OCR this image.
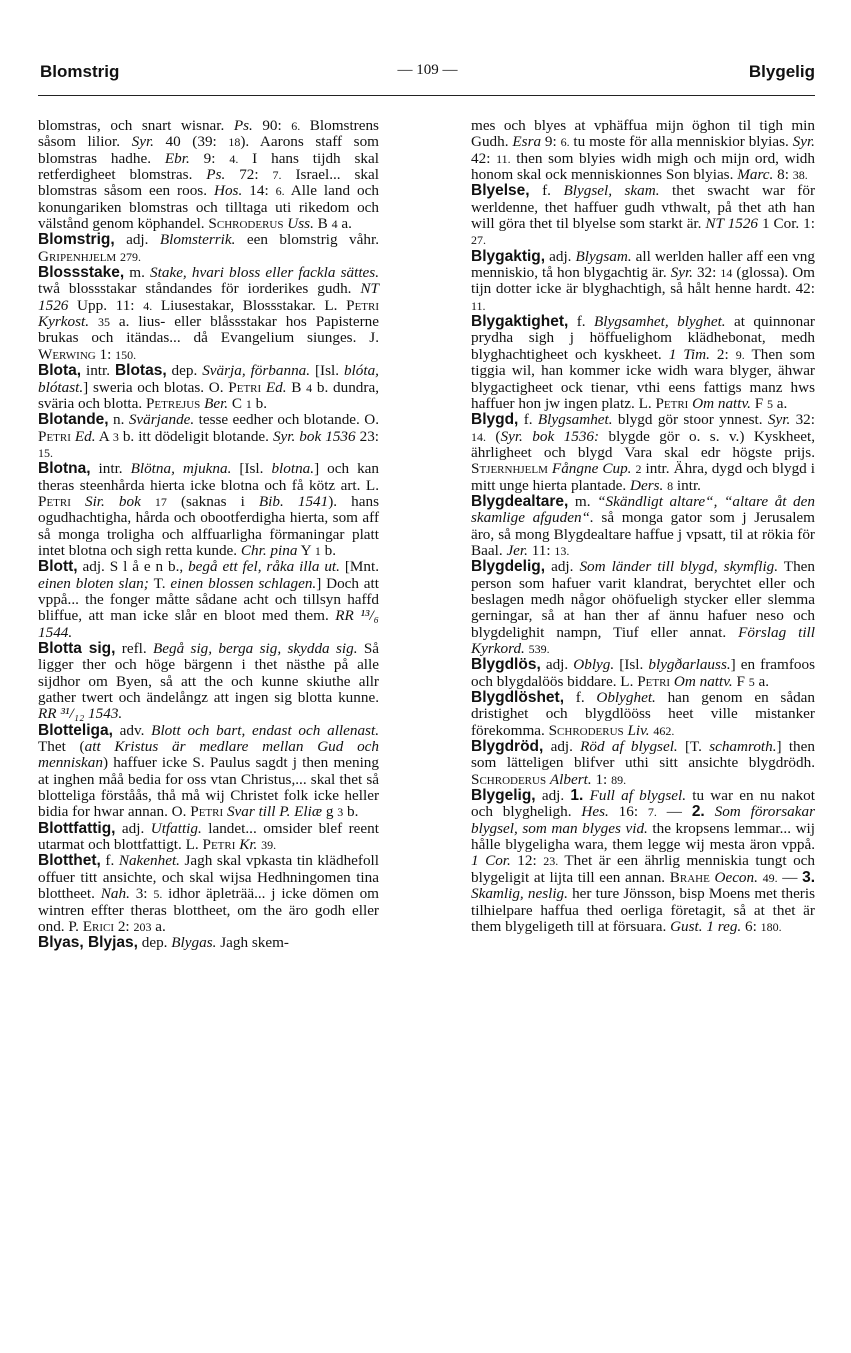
Blomstrig	— 109 —	Blygelig

blomstras, och snart wisnar. Ps. 90: 6. Blomstrens såsom lilior. Syr. 40 (39: 18). Aarons staff som blomstras hadhe. Ebr. 9: 4. I hans tijdh skal retferdigheet blomstras. Ps. 72: 7. Israel... skal blomstras såsom een roos. Hos. 14: 6. Alle land och konungariken blomstras och tilltaga uti rikedom och välstånd genom köphandel. Schroderus Uss. B 4 a.

Blomstrig, adj. Blomsterrik. een blomstrig våhr. Gripenhjelm 279.

Blossstake, m. Stake, hvari bloss eller fackla sättes. twå blossstakar ståndandes för iorderikes gudh. NT 1526 Upp. 11: 4. Liusestakar, Blossstakar. L. Petri Kyrkost. 35 a. lius- eller blåssstakar hos Papisterne brukas och itändas... då Evangelium siunges. J. Werwing 1: 150.

Blota, intr. Blotas, dep. Svärja, förbanna. [Isl. blóta, blótast.] sweria och blotas. O. Petri Ed. B 4 b. dundra, sväria och blotta. Petrejus Ber. C 1 b.

Blotande, n. Svärjande. tesse eedher och blotande. O. Petri Ed. A 3 b. itt dödeligit blotande. Syr. bok 1536 23: 15.

Blotna, intr. Blötna, mjukna. [Isl. blotna.] och kan theras steenhårda hierta icke blotna och få kötz art. L. Petri Sir. bok 17 (saknas i Bib. 1541). hans ogudhachtigha, hårda och obootferdigha hierta, som aff så monga troligha och alffuarligha förmaningar platt intet blotna och sigh retta kunde. Chr. pina Y 1 b.

Blott, adj. S l å e n b., begå ett fel, råka illa ut. [Mnt. einen bloten slan; T. einen blossen schlagen.] Doch att vppå... the fonger måtte sådane acht och tillsyn haffd bliffue, att man icke slår en bloot med them. RR ¹³/₆ 1544.

Blotta sig, refl. Begå sig, berga sig, skydda sig. Så ligger ther och höge bärgenn i thet nästhe på alle sijdhor om Byen, så att the och kunne skiuthe allr gather twert och ändelångz att ingen sig blotta kunne. RR ³¹/₁₂ 1543.

Blotteliga, adv. Blott och bart, endast och allenast. Thet (att Kristus är medlare mellan Gud och menniskan) haffuer icke S. Paulus sagdt j then mening at inghen måå bedia for oss vtan Christus,... skal thet så blotteliga förståås, thå må wij Christet folk icke heller bidia for hwar annan. O. Petri Svar till P. Eliæ g 3 b.

Blottfattig, adj. Utfattig. landet... omsider blef reent utarmat och blottfattigt. L. Petri Kr. 39.

Blotthet, f. Nakenhet. Jagh skal vpkasta tin klädhefoll offuer titt ansichte, och skal wijsa Hedhningomen tina blottheet. Nah. 3: 5. idhor äpleträä... j icke dömen om wintren effter theras blottheet, om the äro godh eller ond. P. Erici 2: 203 a.

Blyas, Blyjas, dep. Blygas. Jagh skem-

mes och blyes at vphäffua mijn öghon til tigh min Gudh. Esra 9: 6. tu moste för alla menniskior blyias. Syr. 42: 11. then som blyies widh migh och mijn ord, widh honom skal ock menniskionnes Son blyias. Marc. 8: 38.

Blyelse, f. Blygsel, skam. thet swacht war för werldenne, thet haffuer gudh vthwalt, på thet ath han will göra thet til blyelse som starkt är. NT 1526 1 Cor. 1: 27.

Blygaktig, adj. Blygsam. all werlden haller aff een vng menniskio, tå hon blygachtig är. Syr. 32: 14 (glossa). Om tijn dotter icke är blyghachtigh, så hålt henne hardt. 42: 11.

Blygaktighet, f. Blygsamhet, blyghet. at quinnonar prydha sigh j höffuelighom klädhebonat, medh blyghachtigheet och kyskheet. 1 Tim. 2: 9. Then som tiggia wil, han kommer icke widh wara blyger, ähwar blygactigheet ock tienar, vthi eens fattigs manz hws haffuer hon jw ingen platz. L. Petri Om nattv. F 5 a.

Blygd, f. Blygsamhet. blygd gör stoor ynnest. Syr. 32: 14. (Syr. bok 1536: blygde gör o. s. v.) Kyskheet, ährligheet och blygd Vara skal edr högste prijs. Stjernhjelm Fångne Cup. 2 intr. Ähra, dygd och blygd i mitt unge hierta plantade. Ders. 8 intr.

Blygdealtare, m. “Skändligt altare“, “altare åt den skamlige afguden“. så monga gator som j Jerusalem äro, så mong Blygdealtare haffue j vpsatt, til at rökia för Baal. Jer. 11: 13.

Blygdelig, adj. Som länder till blygd, skymflig. Then person som hafuer varit klandrat, berychtet eller och beslagen medh någor ohöfueligh stycker eller slemma gerningar, så at han ther af ännu hafuer neso och blygdelighit nampn, Tiuf eller annat. Förslag till Kyrkord. 539.

Blygdlös, adj. Oblyg. [Isl. blygðarlauss.] en framfoos och blygdalöös biddare. L. Petri Om nattv. F 5 a.

Blygdlöshet, f. Oblyghet. han genom en sådan dristighet och blygdlööss heet ville mistanker förekomma. Schroderus Liv. 462.

Blygdröd, adj. Röd af blygsel. [T. schamroth.] then som lätteligen blifver uthi sitt ansichte blygdrödh. Schroderus Albert. 1: 89.

Blygelig, adj. 1. Full af blygsel. tu war en nu nakot och blygheligh. Hes. 16: 7. — 2. Som förorsakar blygsel, som man blyges vid. the kropsens lemmar... wij hålle blygeligha wara, them legge wij mesta äron vppå. 1 Cor. 12: 23. Thet är een ährlig menniskia tungt och blygeligit at lijta till een annan. Brahe Oecon. 49. — 3. Skamlig, neslig. her ture Jönsson, bisp Moens met theris tilhielpare haffua thed oerliga företagit, så at thet är them blygeligeth till at försuara. Gust. 1 reg. 6: 180.
